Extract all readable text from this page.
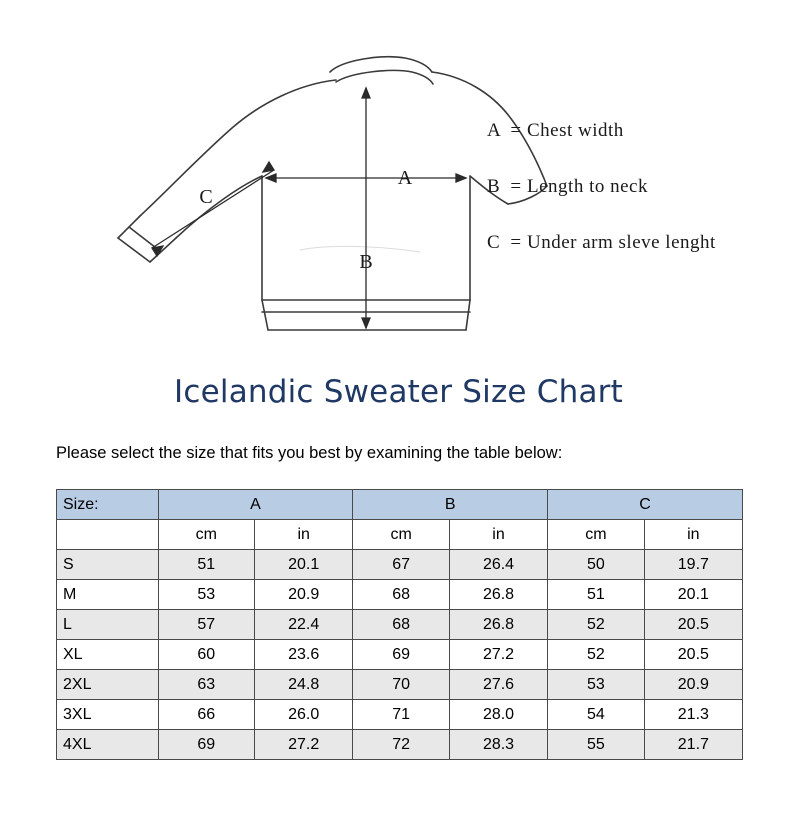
A
B
C
A = Chest width
B = Length to neck
C = Under arm sleve lenght
Icelandic Sweater Size Chart
Please select the size that fits you best by examining the table below:
Size:	A		B		C	
	cm	in	cm	in	cm	in
S	51	20.1	67	26.4	50	19.7
M	53	20.9	68	26.8	51	20.1
L	57	22.4	68	26.8	52	20.5
XL	60	23.6	69	27.2	52	20.5
2XL	63	24.8	70	27.6	53	20.9
3XL	66	26.0	71	28.0	54	21.3
4XL	69	27.2	72	28.3	55	21.7
